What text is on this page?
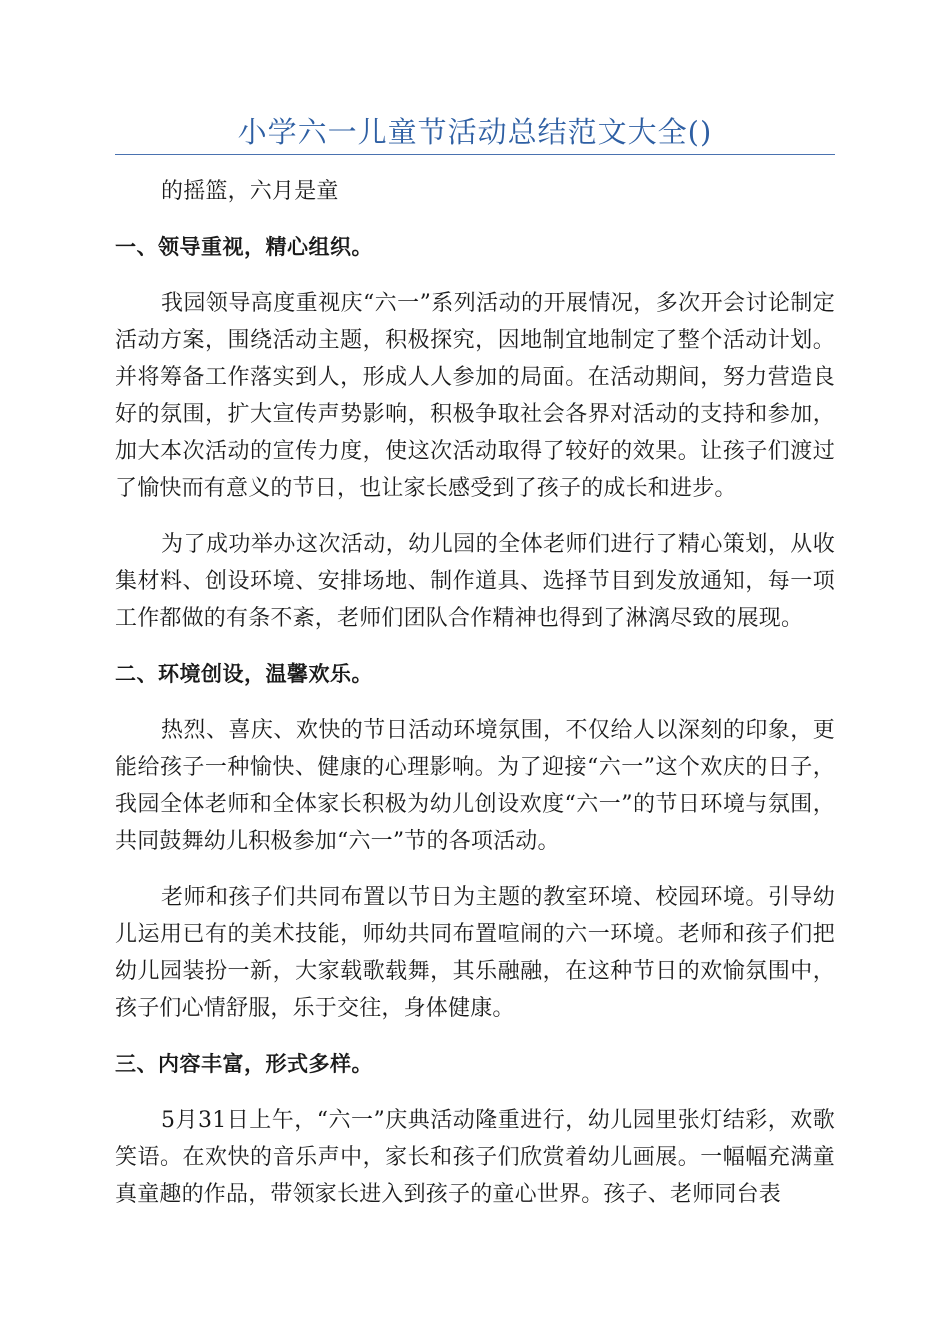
小学六一儿童节活动总结范文大全()

的摇篮，六月是童

一、领导重视，精心组织。

我园领导高度重视庆“六一”系列活动的开展情况，多次开会讨论制定活动方案，围绕活动主题，积极探究，因地制宜地制定了整个活动计划。并将筹备工作落实到人，形成人人参加的局面。在活动期间，努力营造良好的氛围，扩大宣传声势影响，积极争取社会各界对活动的支持和参加，加大本次活动的宣传力度，使这次活动取得了较好的效果。让孩子们渡过了愉快而有意义的节日，也让家长感受到了孩子的成长和进步。

为了成功举办这次活动，幼儿园的全体老师们进行了精心策划，从收集材料、创设环境、安排场地、制作道具、选择节目到发放通知，每一项工作都做的有条不紊，老师们团队合作精神也得到了淋漓尽致的展现。

二、环境创设，温馨欢乐。

热烈、喜庆、欢快的节日活动环境氛围，不仅给人以深刻的印象，更能给孩子一种愉快、健康的心理影响。为了迎接“六一”这个欢庆的日子，我园全体老师和全体家长积极为幼儿创设欢度“六一”的节日环境与氛围，共同鼓舞幼儿积极参加“六一”节的各项活动。

老师和孩子们共同布置以节日为主题的教室环境、校园环境。引导幼儿运用已有的美术技能，师幼共同布置喧闹的六一环境。老师和孩子们把幼儿园装扮一新，大家载歌载舞，其乐融融，在这种节日的欢愉氛围中，孩子们心情舒服，乐于交往，身体健康。

三、内容丰富，形式多样。

5月31日上午，“六一”庆典活动隆重进行，幼儿园里张灯结彩，欢歌笑语。在欢快的音乐声中，家长和孩子们欣赏着幼儿画展。一幅幅充满童真童趣的作品，带领家长进入到孩子的童心世界。孩子、老师同台表
